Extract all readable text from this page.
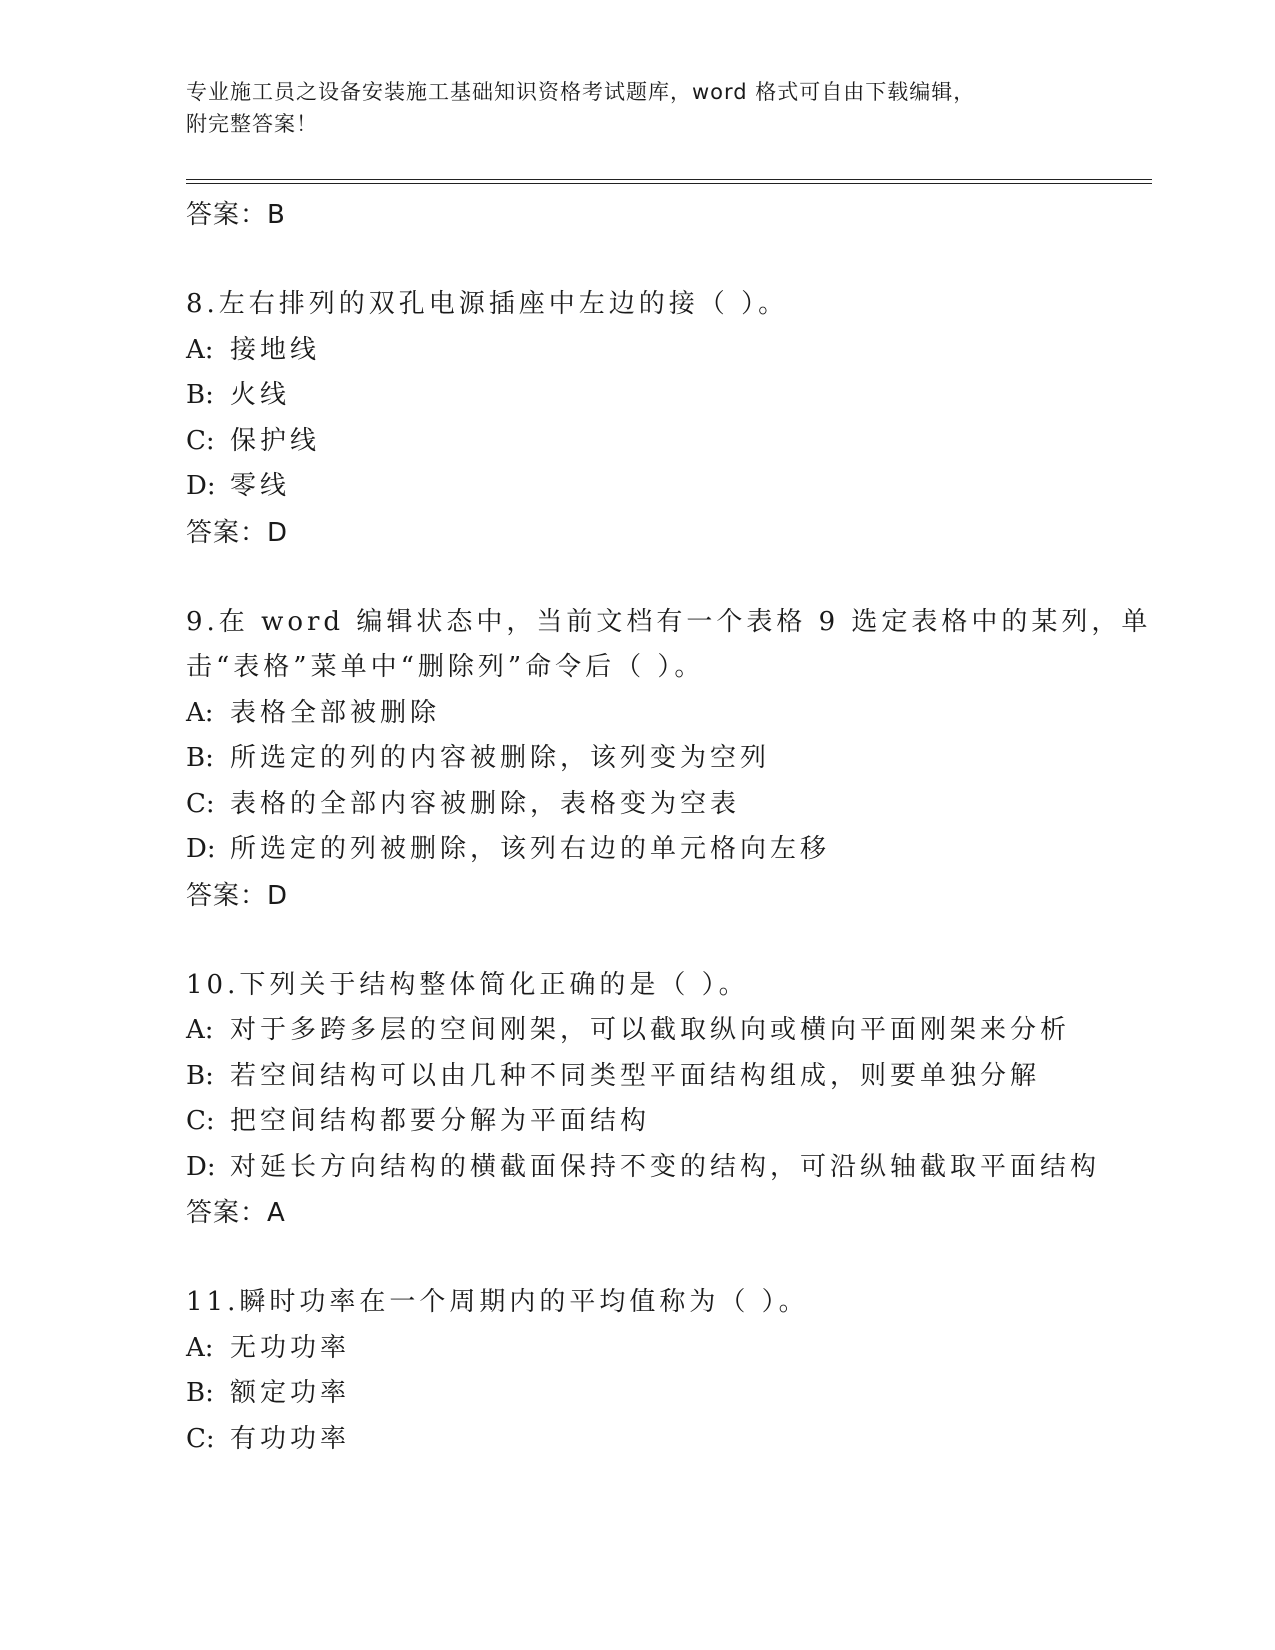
专业施工员之设备安装施工基础知识资格考试题库，word 格式可自由下载编辑，
附完整答案！
答案：B
8.左右排列的双孔电源插座中左边的接（ ）。
A: 接地线
B: 火线
C: 保护线
D: 零线
答案：D
9.在 word 编辑状态中，当前文档有一个表格 9 选定表格中的某列，单
击“表格”菜单中“删除列”命令后（ ）。
A: 表格全部被删除
B: 所选定的列的内容被删除，该列变为空列
C: 表格的全部内容被删除，表格变为空表
D: 所选定的列被删除，该列右边的单元格向左移
答案：D
10.下列关于结构整体简化正确的是（ ）。
A: 对于多跨多层的空间刚架，可以截取纵向或横向平面刚架来分析
B: 若空间结构可以由几种不同类型平面结构组成，则要单独分解
C: 把空间结构都要分解为平面结构
D: 对延长方向结构的横截面保持不变的结构，可沿纵轴截取平面结构
答案：A
11.瞬时功率在一个周期内的平均值称为（ ）。
A: 无功功率
B: 额定功率
C: 有功功率
